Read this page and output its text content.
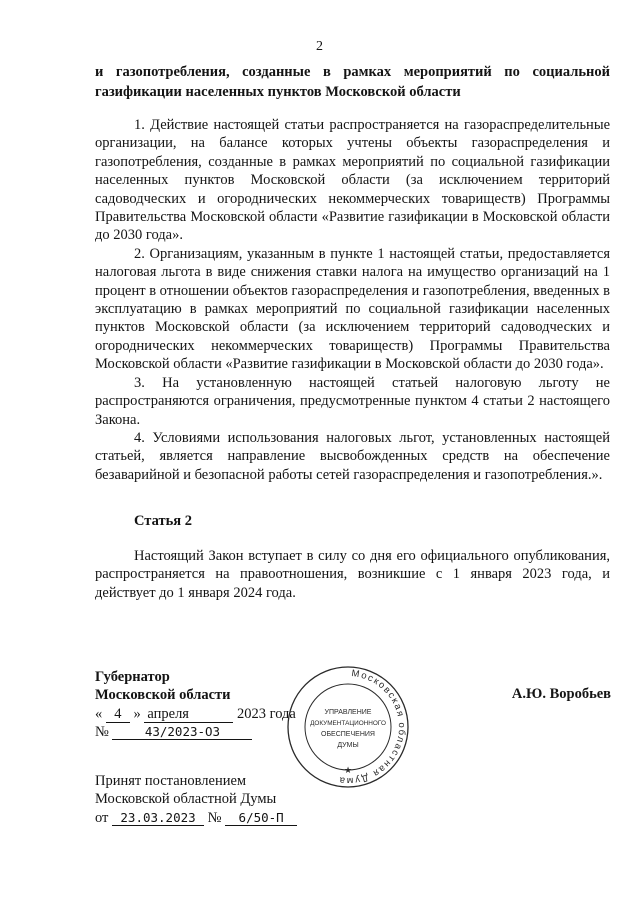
2
и газопотребления, созданные в рамках мероприятий по социальной газификации населенных пунктов Московской области

1. Действие настоящей статьи распространяется на газораспределительные организации, на балансе которых учтены объекты газораспределения и газопотребления, созданные в рамках мероприятий по социальной газификации населенных пунктов Московской области (за исключением территорий садоводческих и огороднических некоммерческих товариществ) Программы Правительства Московской области «Развитие газификации в Московской области до 2030 года».

2. Организациям, указанным в пункте 1 настоящей статьи, предоставляется налоговая льгота в виде снижения ставки налога на имущество организаций на 1 процент в отношении объектов газораспределения и газопотребления, введенных в эксплуатацию в рамках мероприятий по социальной газификации населенных пунктов Московской области (за исключением территорий садоводческих и огороднических некоммерческих товариществ) Программы Правительства Московской области «Развитие газификации в Московской области до 2030 года».

3. На установленную настоящей статьей налоговую льготу не распространяются ограничения, предусмотренные пунктом 4 статьи 2 настоящего Закона.

4. Условиями использования налоговых льгот, установленных настоящей статьей, является направление высвобожденных средств на обеспечение безаварийной и безопасной работы сетей газораспределения и газопотребления.».

Статья 2

Настоящий Закон вступает в силу со дня его официального опубликования, распространяется на правоотношения, возникшие с 1 января 2023 года, и действует до 1 января 2024 года.

Губернатор
Московской области
« 4 » апреля	2023 года
№	43/2023-ОЗ
А.Ю. Воробьев
Принят постановлением
Московской областной Думы
от 23.03.2023 № 6/50-П
Московская областная Дума
УПРАВЛЕНИЕ
ДОКУМЕНТАЦИОННОГО
ОБЕСПЕЧЕНИЯ
ДУМЫ
★
